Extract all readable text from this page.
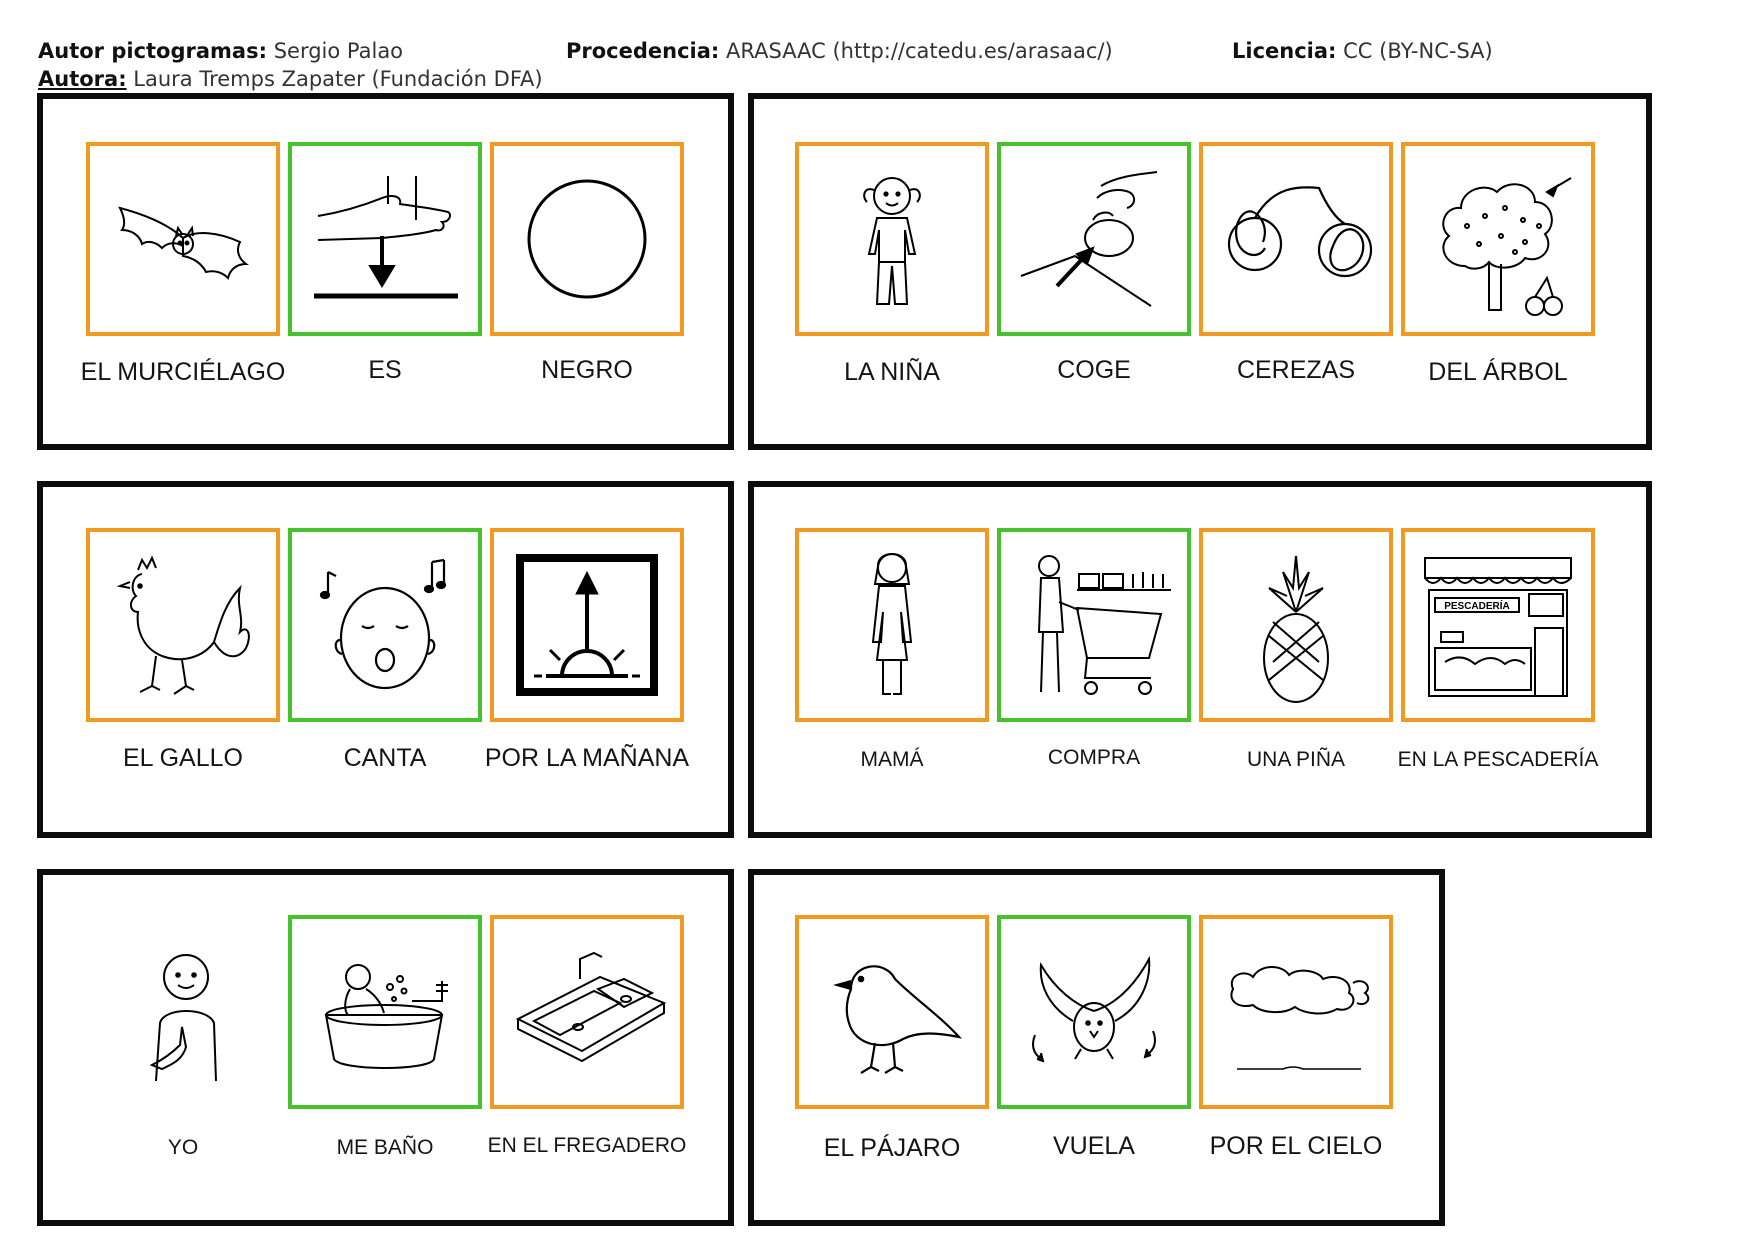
Autor pictogramas: Sergio Palao	Procedencia: ARASAAC (http://catedu.es/arasaac/)	Licencia: CC (BY-NC-SA)
Autora: Laura Tremps Zapater (Fundación DFA)
EL MURCIÉLAGO	ES	NEGRO	LA NIÑA	COGE	CEREZAS	DEL ÁRBOL
EL GALLO	CANTA	POR LA MAÑANA
PESCADERÍA
MAMÁ	COMPRA	UNA PIÑA	EN LA PESCADERÍA
YO	ME BAÑO	EN EL FREGADERO	EL PÁJARO	VUELA	POR EL CIELO
